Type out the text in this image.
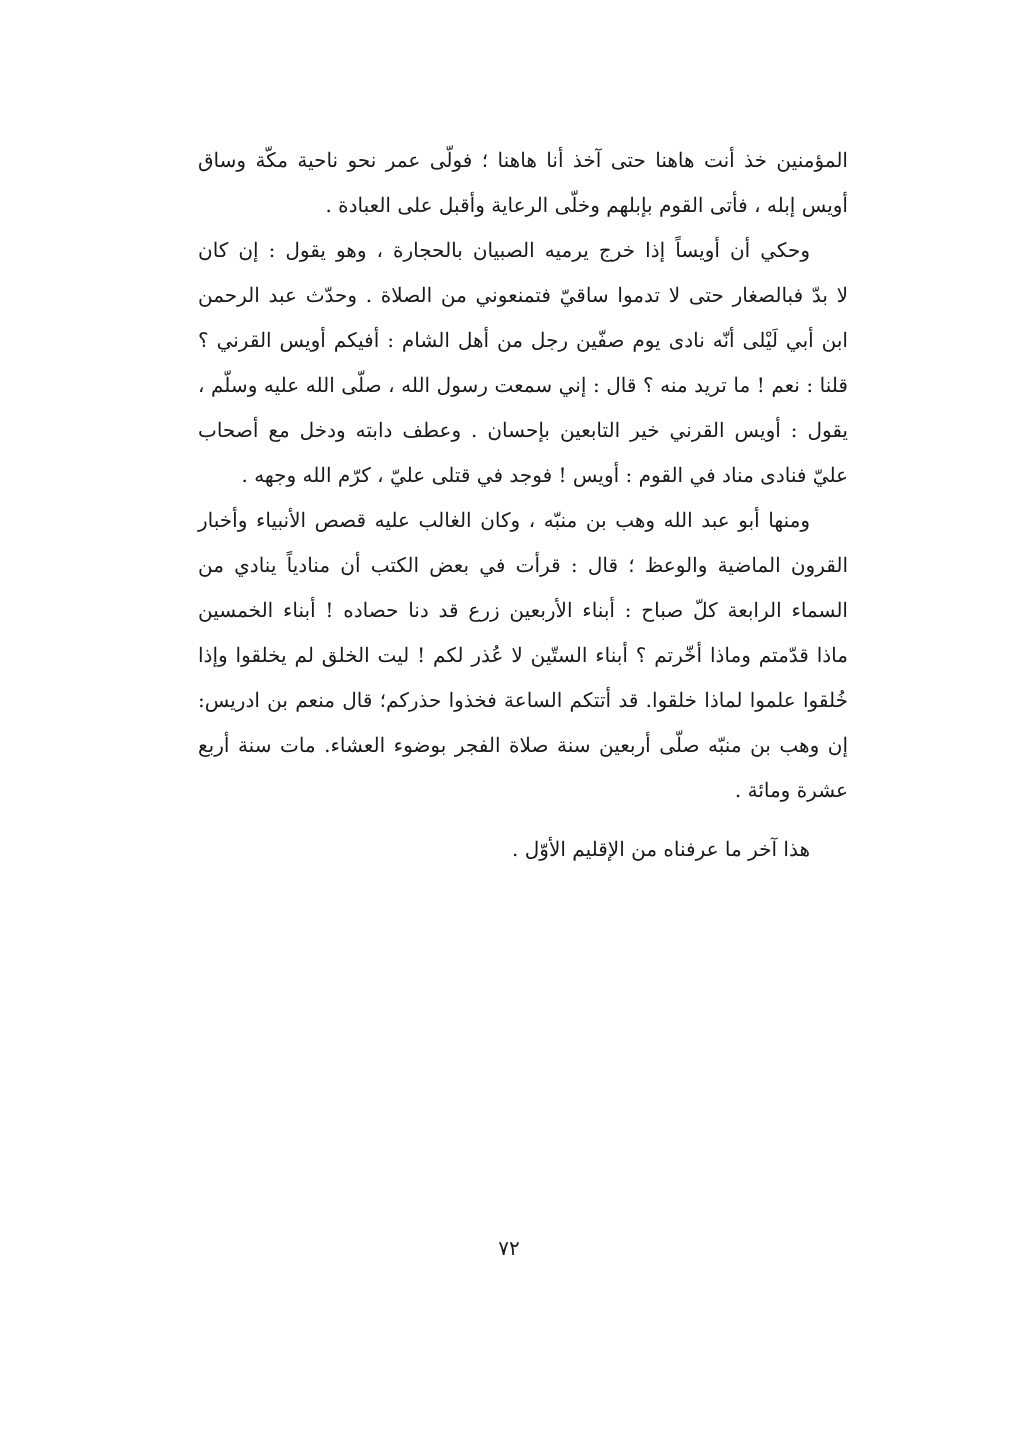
المؤمنين خذ أنت هاهنا حتى آخذ أنا هاهنا ؛ فولّى عمر نحو ناحية مكّة وساق
أويس إبله ، فأتى القوم بإبلهم وخلّى الرعاية وأقبل على العبادة .
وحكي أن أويساً إذا خرج يرميه الصبيان بالحجارة ، وهو يقول : إن كان
لا بدّ فبالصغار حتى لا تدموا ساقيّ فتمنعوني من الصلاة . وحدّث عبد الرحمن
ابن أبي لَيْلى أنّه نادى يوم صفّين رجل من أهل الشام : أفيكم أويس القرني ؟
قلنا : نعم ! ما تريد منه ؟ قال : إني سمعت رسول الله ، صلّى الله عليه وسلّم ،
يقول : أويس القرني خير التابعين بإحسان . وعطف دابته ودخل مع أصحاب
عليّ فنادى مناد في القوم : أويس ! فوجد في قتلى عليّ ، كرّم الله وجهه .
ومنها أبو عبد الله وهب بن منبّه ، وكان الغالب عليه قصص الأنبياء وأخبار
القرون الماضية والوعظ ؛ قال : قرأت في بعض الكتب أن منادياً ينادي من
السماء الرابعة كلّ صباح : أبناء الأربعين زرع قد دنا حصاده ! أبناء الخمسين
ماذا قدّمتم وماذا أخّرتم ؟ أبناء الستّين لا عُذر لكم ! ليت الخلق لم يخلقوا وإذا
خُلقوا علموا لماذا خلقوا. قد أتتكم الساعة فخذوا حذركم؛ قال منعم بن ادريس:
إن وهب بن منبّه صلّى أربعين سنة صلاة الفجر بوضوء العشاء. مات سنة أربع
عشرة ومائة .
هذا آخر ما عرفناه من الإقليم الأوّل .
٧٢
